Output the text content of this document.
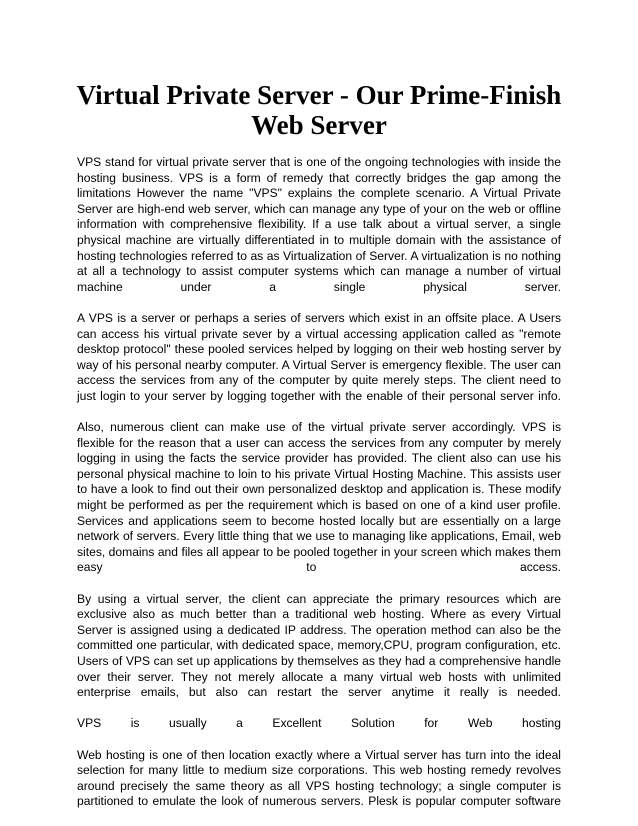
Virtual Private Server - Our Prime-Finish Web Server

VPS stand for virtual private server that is one of the ongoing technologies with inside the hosting business. VPS is a form of remedy that correctly bridges the gap among the limitations However the name "VPS" explains the complete scenario. A Virtual Private Server are high-end web server, which can manage any type of your on the web or offline information with comprehensive flexibility. If a use talk about a virtual server, a single physical machine are virtually differentiated in to multiple domain with the assistance of hosting technologies referred to as as Virtualization of Server. A virtualization is no nothing at all a technology to assist computer systems which can manage a number of virtual machine under a single physical server.

A VPS is a server or perhaps a series of servers which exist in an offsite place. A Users can access his virtual private sever by a virtual accessing application called as "remote desktop protocol" these pooled services helped by logging on their web hosting server by way of his personal nearby computer. A Virtual Server is emergency flexible. The user can access the services from any of the computer by quite merely steps. The client need to just login to your server by logging together with the enable of their personal server info.

Also, numerous client can make use of the virtual private server accordingly. VPS is flexible for the reason that a user can access the services from any computer by merely logging in using the facts the service provider has provided. The client also can use his personal physical machine to loin to his private Virtual Hosting Machine. This assists user to have a look to find out their own personalized desktop and application is. These modify might be performed as per the requirement which is based on one of a kind user profile. Services and applications seem to become hosted locally but are essentially on a large network of servers. Every little thing that we use to managing like applications, Email, web sites, domains and files all appear to be pooled together in your screen which makes them easy to access.

By using a virtual server, the client can appreciate the primary resources which are exclusive also as much better than a traditional web hosting. Where as every Virtual Server is assigned using a dedicated IP address. The operation method can also be the committed one particular, with dedicated space, memory,CPU, program configuration, etc. Users of VPS can set up applications by themselves as they had a comprehensive handle over their server. They not merely allocate a many virtual web hosts with unlimited enterprise emails, but also can restart the server anytime it really is needed.

VPS is usually a Excellent Solution for Web hosting

Web hosting is one of then location exactly where a Virtual server has turn into the ideal selection for many little to medium size corporations. This web hosting remedy revolves around precisely the same theory as all VPS hosting technology; a single computer is partitioned to emulate the look of numerous servers. Plesk is popular computer software
